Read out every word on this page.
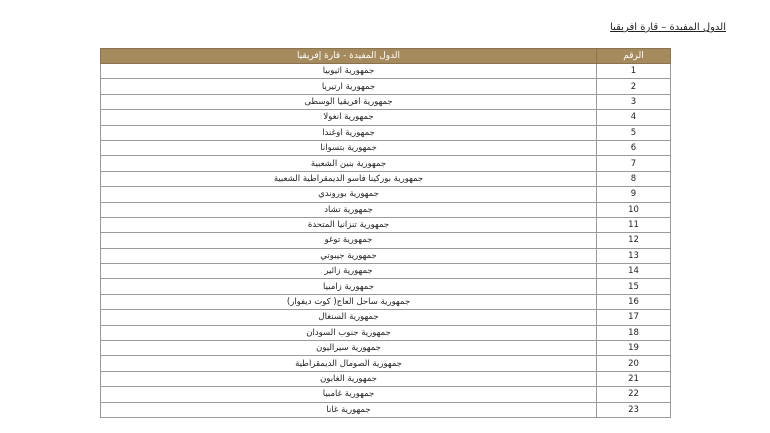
الدول المفيدة – قارة افريقيا
الرقم	الدول المفيدة - قارة إفريقيا
1	جمهورية اثيوبيا
2	جمهورية ارتيريا
3	جمهورية افريقيا الوسطى
4	جمهورية انغولا
5	جمهورية اوغندا
6	جمهورية بتسوانا
7	جمهورية بنين الشعبية
8	جمهورية بوركينا فاسو الديمقراطية الشعبية
9	جمهورية بوروندي
10	جمهورية تشاد
11	جمهورية تنزانيا المتحدة
12	جمهورية توغو
13	جمهورية جيبوتي
14	جمهورية زائير
15	جمهورية زامبيا
16	جمهورية ساحل العاج( كوت ديفوار)
17	جمهورية السنغال
18	جمهورية جنوب السودان
19	جمهورية سيراليون
20	جمهورية الصومال الديمقراطية
21	جمهورية الغابون
22	جمهورية غامبيا
23	جمهورية غانا
